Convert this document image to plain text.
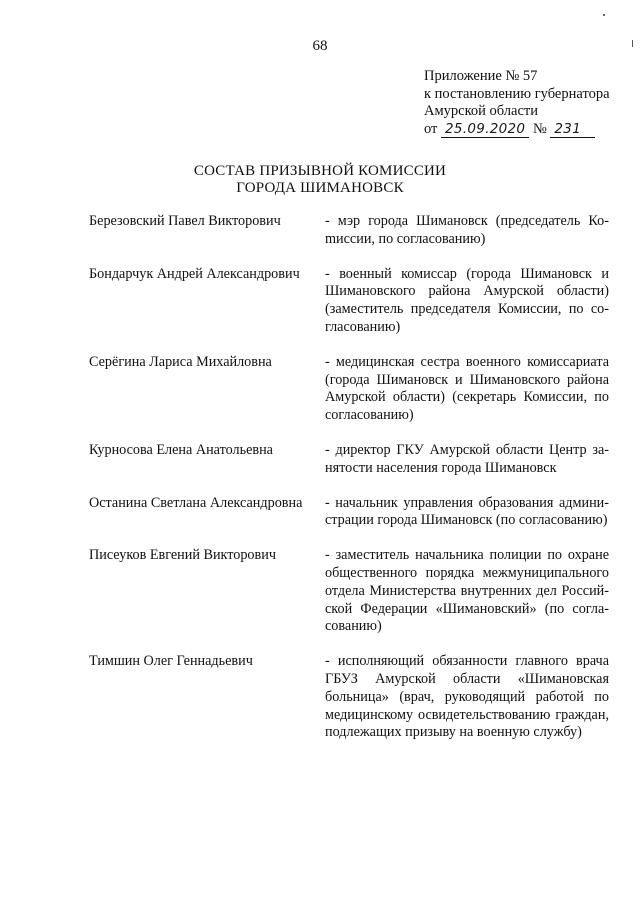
68
Приложение № 57
к постановлению губернатора
Амурской области
от 25.09.2020 № 231
СОСТАВ ПРИЗЫВНОЙ КОМИССИИ
ГОРОДА ШИМАНОВСК
Березовский Павел Викторович	- мэр города Шимановск (председатель Коmиссии, по согласованию)
Бондарчук Андрей Александрович	- военный комиссар (города Шимановск и Шимановского района Амурской области) (заместитель председателя Комиссии, по согласованию)
Серёгина Лариса Михайловна	- медицинская сестра военного комиссариата (города Шимановск и Шимановского района Амурской области) (секретарь Комиссии, по согласованию)
Курносова Елена Анатольевна	- директор ГКУ Амурской области Центр занятости населения города Шимановск
Останина Светлана Александровна	- начальник управления образования администрации города Шимановск (по согласованию)
Писеуков Евгений Викторович	- заместитель начальника полиции по охране общественного порядка межмуниципального отдела Министерства внутренних дел Российской Федерации «Шимановский» (по согласованию)
Тимшин Олег Геннадьевич	- исполняющий обязанности главного врача ГБУЗ Амурской области «Шимановская больница» (врач, руководящий работой по медицинскому освидетельствованию граждан, подлежащих призыву на военную службу)
